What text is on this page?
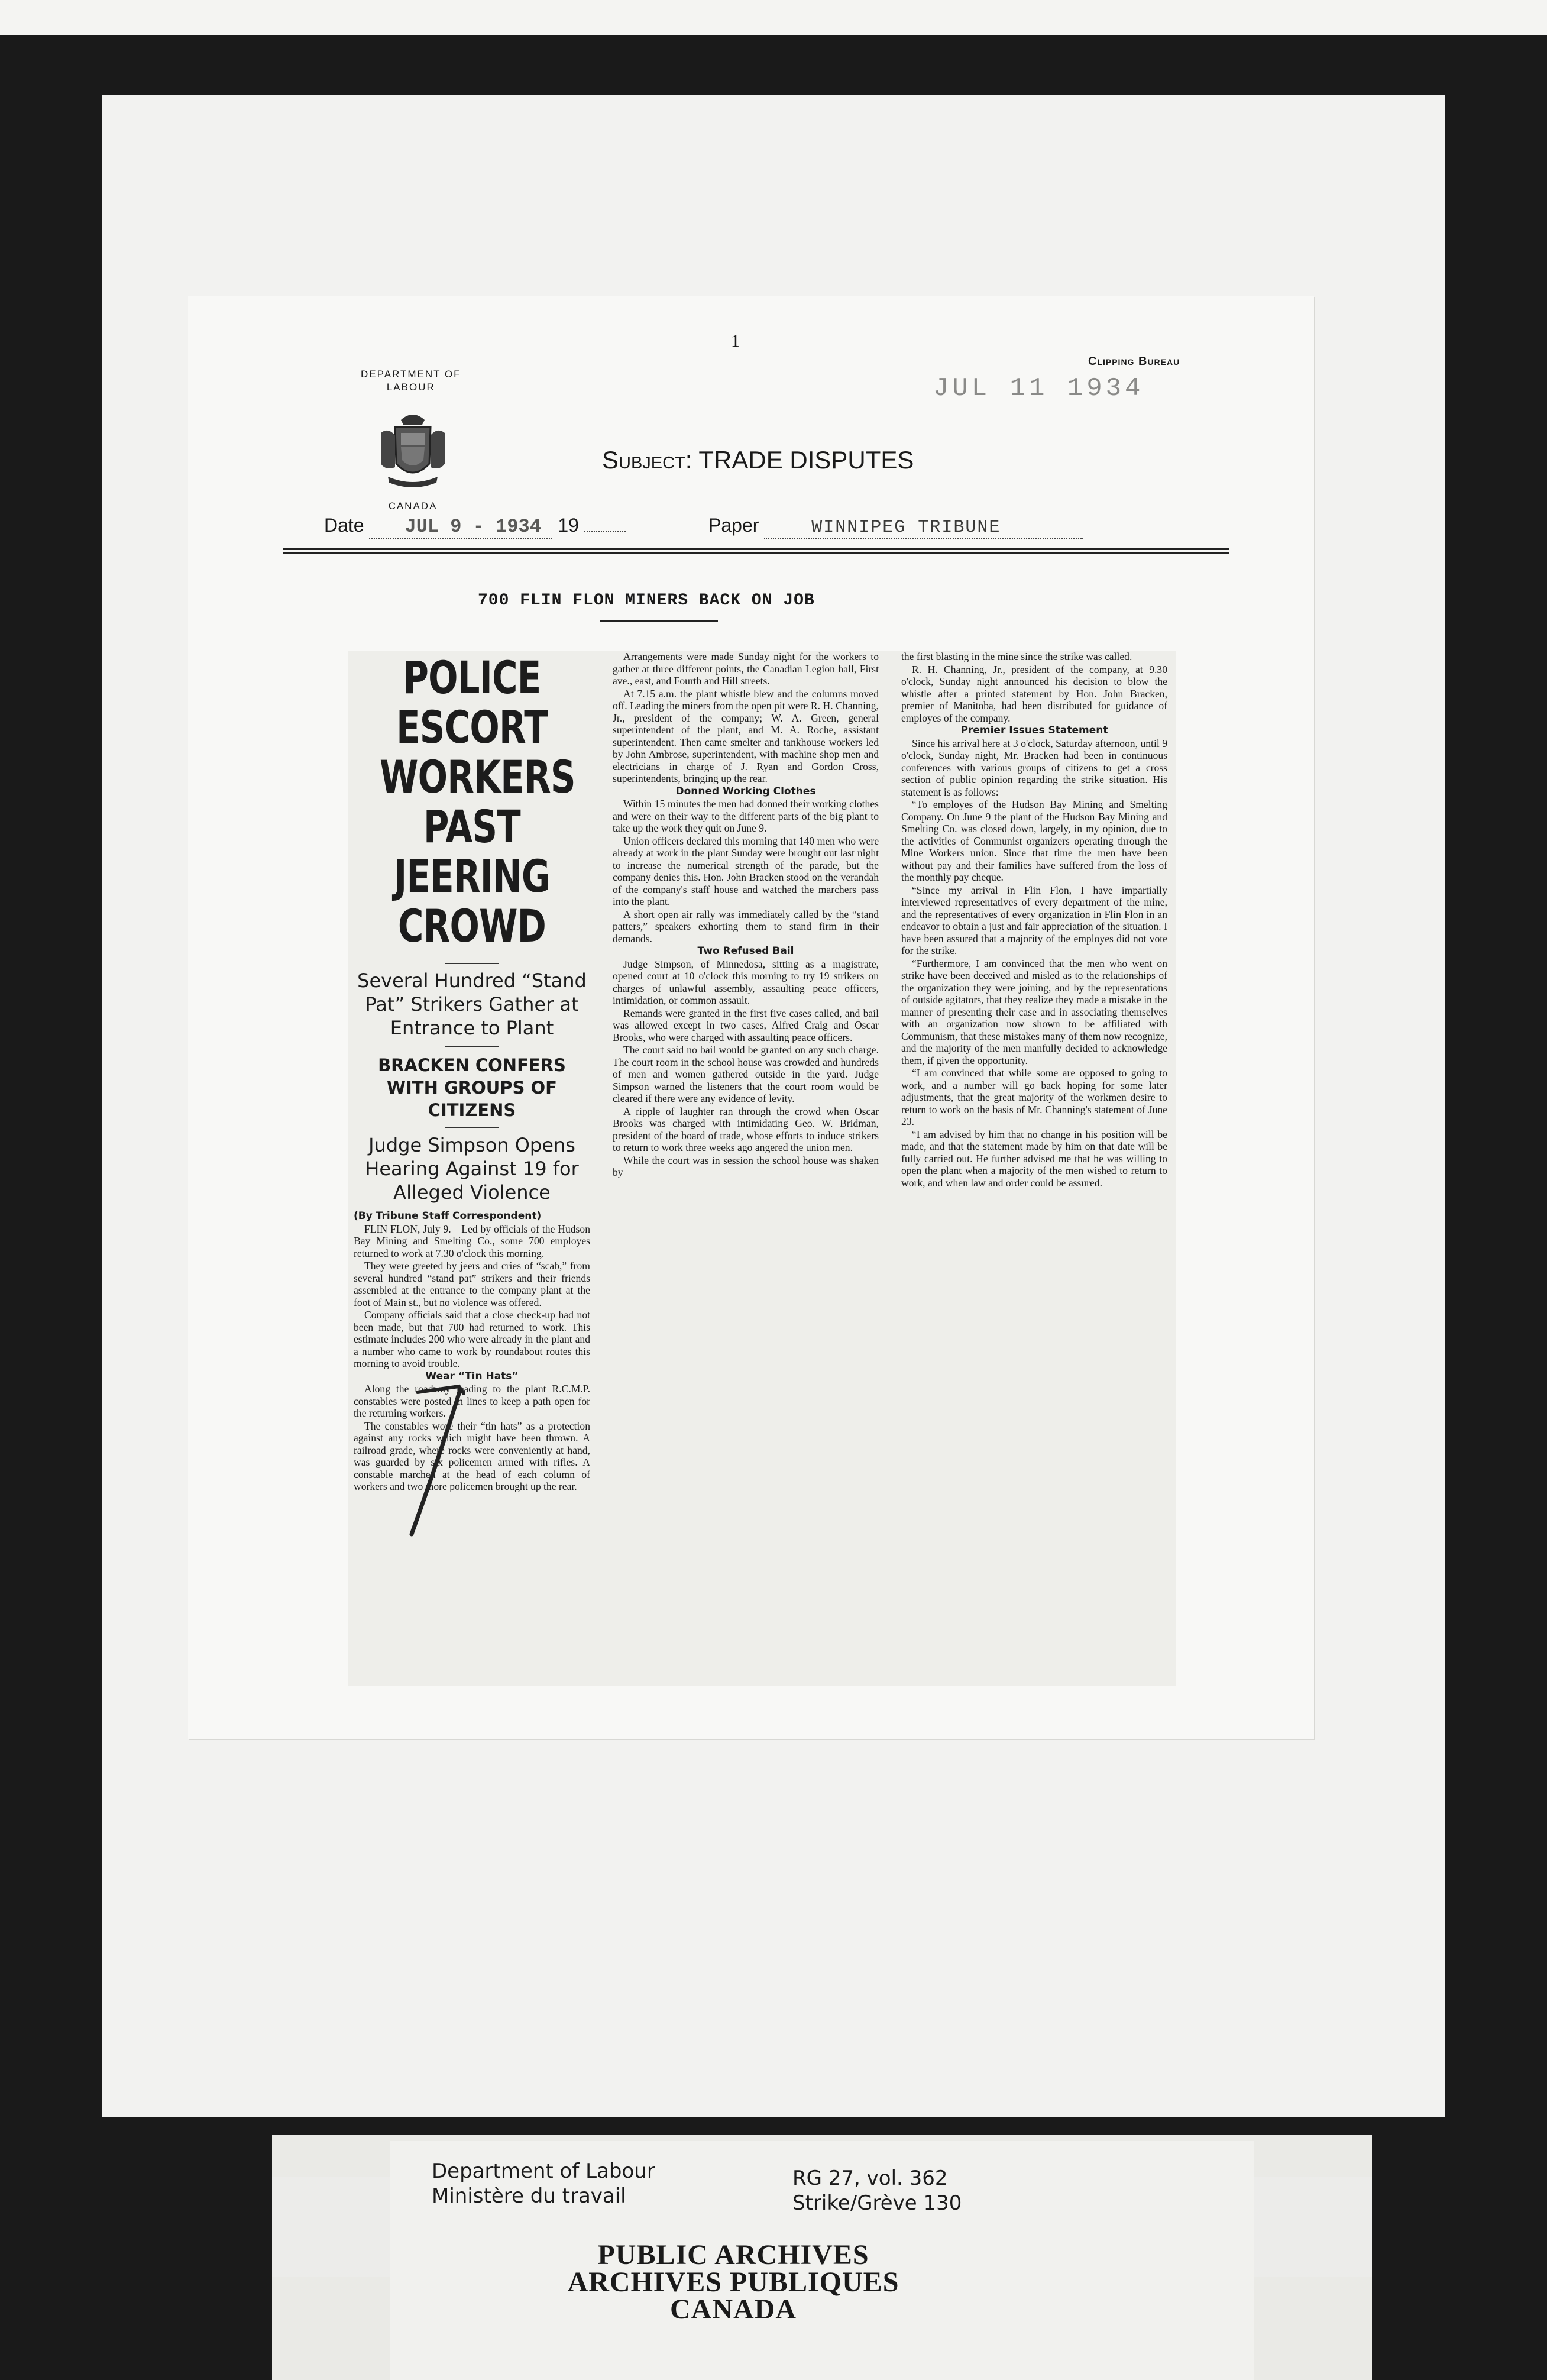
1
DEPARTMENT OF
LABOUR
CANADA
Clipping Bureau
JUL 11 1934
Subject: TRADE DISPUTES
Date JUL 9 - 1934 19	Paper	WINNIPEG TRIBUNE
700 FLIN FLON MINERS BACK ON JOB
POLICE ESCORT
WORKERS PAST
JEERING CROWD
Several Hundred “Stand Pat” Strikers Gather at Entrance to Plant
BRACKEN CONFERS WITH GROUPS OF CITIZENS
Judge Simpson Opens Hearing Against 19 for Alleged Violence

(By Tribune Staff Correspondent)

FLIN FLON, July 9.—Led by officials of the Hudson Bay Mining and Smelting Co., some 700 employes returned to work at 7.30 o'clock this morning.

They were greeted by jeers and cries of “scab,” from several hundred “stand pat” strikers and their friends assembled at the entrance to the company plant at the foot of Main st., but no violence was offered.

Company officials said that a close check-up had not been made, but that 700 had returned to work. This estimate includes 200 who were already in the plant and a number who came to work by roundabout routes this morning to avoid trouble.

Wear “Tin Hats”

Along the roadway leading to the plant R.C.M.P. constables were posted in lines to keep a path open for the returning workers.

The constables wore their “tin hats” as a protection against any rocks which might have been thrown. A railroad grade, where rocks were conveniently at hand, was guarded by six policemen armed with rifles. A constable marched at the head of each column of workers and two more policemen brought up the rear.

Arrangements were made Sunday night for the workers to gather at three different points, the Canadian Legion hall, First ave., east, and Fourth and Hill streets.

At 7.15 a.m. the plant whistle blew and the columns moved off. Leading the miners from the open pit were R. H. Channing, Jr., president of the company; W. A. Green, general superintendent of the plant, and M. A. Roche, assistant superintendent. Then came smelter and tankhouse workers led by John Ambrose, superintendent, with machine shop men and electricians in charge of J. Ryan and Gordon Cross, superintendents, bringing up the rear.

Donned Working Clothes

Within 15 minutes the men had donned their working clothes and were on their way to the different parts of the big plant to take up the work they quit on June 9.

Union officers declared this morning that 140 men who were already at work in the plant Sunday were brought out last night to increase the numerical strength of the parade, but the company denies this. Hon. John Bracken stood on the verandah of the company's staff house and watched the marchers pass into the plant.

A short open air rally was immediately called by the “stand patters,” speakers exhorting them to stand firm in their demands.

Two Refused Bail

Judge Simpson, of Minnedosa, sitting as a magistrate, opened court at 10 o'clock this morning to try 19 strikers on charges of unlawful assembly, assaulting peace officers, intimidation, or common assault.

Remands were granted in the first five cases called, and bail was allowed except in two cases, Alfred Craig and Oscar Brooks, who were charged with assaulting peace officers.

The court said no bail would be granted on any such charge. The court room in the school house was crowded and hundreds of men and women gathered outside in the yard. Judge Simpson warned the listeners that the court room would be cleared if there were any evidence of levity.

A ripple of laughter ran through the crowd when Oscar Brooks was charged with intimidating Geo. W. Bridman, president of the board of trade, whose efforts to induce strikers to return to work three weeks ago angered the union men.

While the court was in session the school house was shaken by

the first blasting in the mine since the strike was called.

R. H. Channing, Jr., president of the company, at 9.30 o'clock, Sunday night announced his decision to blow the whistle after a printed statement by Hon. John Bracken, premier of Manitoba, had been distributed for guidance of employes of the company.

Premier Issues Statement

Since his arrival here at 3 o'clock, Saturday afternoon, until 9 o'clock, Sunday night, Mr. Bracken had been in continuous conferences with various groups of citizens to get a cross section of public opinion regarding the strike situation. His statement is as follows:

“To employes of the Hudson Bay Mining and Smelting Company. On June 9 the plant of the Hudson Bay Mining and Smelting Co. was closed down, largely, in my opinion, due to the activities of Communist organizers operating through the Mine Workers union. Since that time the men have been without pay and their families have suffered from the loss of the monthly pay cheque.

“Since my arrival in Flin Flon, I have impartially interviewed representatives of every department of the mine, and the representatives of every organization in Flin Flon in an endeavor to obtain a just and fair appreciation of the situation. I have been assured that a majority of the employes did not vote for the strike.

“Furthermore, I am convinced that the men who went on strike have been deceived and misled as to the relationships of the organization they were joining, and by the representations of outside agitators, that they realize they made a mistake in the manner of presenting their case and in associating themselves with an organization now shown to be affiliated with Communism, that these mistakes many of them now recognize, and the majority of the men manfully decided to acknowledge them, if given the opportunity.

“I am convinced that while some are opposed to going to work, and a number will go back hoping for some later adjustments, that the great majority of the workmen desire to return to work on the basis of Mr. Channing's statement of June 23.

“I am advised by him that no change in his position will be made, and that the statement made by him on that date will be fully carried out. He further advised me that he was willing to open the plant when a majority of the men wished to return to work, and when law and order could be assured.

Department of Labour
Ministère du travail
RG 27, vol. 362
Strike/Grève 130
PUBLIC ARCHIVES
ARCHIVES PUBLIQUES
CANADA
